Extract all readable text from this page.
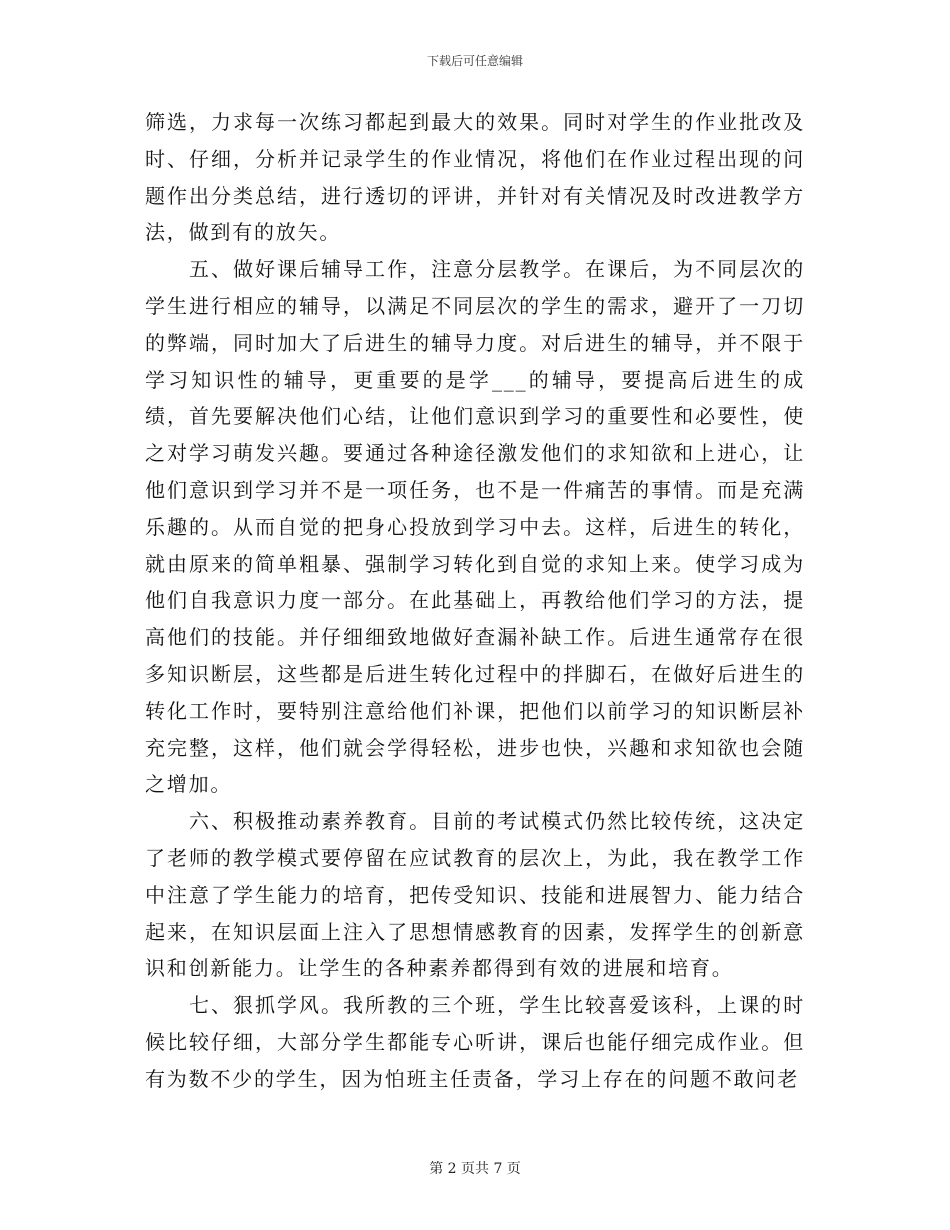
下载后可任意编辑

筛选，力求每一次练习都起到最大的效果。同时对学生的作业批改及时、仔细，分析并记录学生的作业情况，将他们在作业过程出现的问题作出分类总结，进行透切的评讲，并针对有关情况及时改进教学方法，做到有的放矢。

五、做好课后辅导工作，注意分层教学。在课后，为不同层次的学生进行相应的辅导，以满足不同层次的学生的需求，避开了一刀切的弊端，同时加大了后进生的辅导力度。对后进生的辅导，并不限于学习知识性的辅导，更重要的是学___的辅导，要提高后进生的成绩，首先要解决他们心结，让他们意识到学习的重要性和必要性，使之对学习萌发兴趣。要通过各种途径激发他们的求知欲和上进心，让他们意识到学习并不是一项任务，也不是一件痛苦的事情。而是充满乐趣的。从而自觉的把身心投放到学习中去。这样，后进生的转化，就由原来的简单粗暴、强制学习转化到自觉的求知上来。使学习成为他们自我意识力度一部分。在此基础上，再教给他们学习的方法，提高他们的技能。并仔细细致地做好查漏补缺工作。后进生通常存在很多知识断层，这些都是后进生转化过程中的拌脚石，在做好后进生的转化工作时，要特别注意给他们补课，把他们以前学习的知识断层补充完整，这样，他们就会学得轻松，进步也快，兴趣和求知欲也会随之增加。

六、积极推动素养教育。目前的考试模式仍然比较传统，这决定了老师的教学模式要停留在应试教育的层次上，为此，我在教学工作中注意了学生能力的培育，把传受知识、技能和进展智力、能力结合起来，在知识层面上注入了思想情感教育的因素，发挥学生的创新意识和创新能力。让学生的各种素养都得到有效的进展和培育。

七、狠抓学风。我所教的三个班，学生比较喜爱该科，上课的时候比较仔细，大部分学生都能专心听讲，课后也能仔细完成作业。但有为数不少的学生，因为怕班主任责备，学习上存在的问题不敢问老

第 2 页共 7 页
